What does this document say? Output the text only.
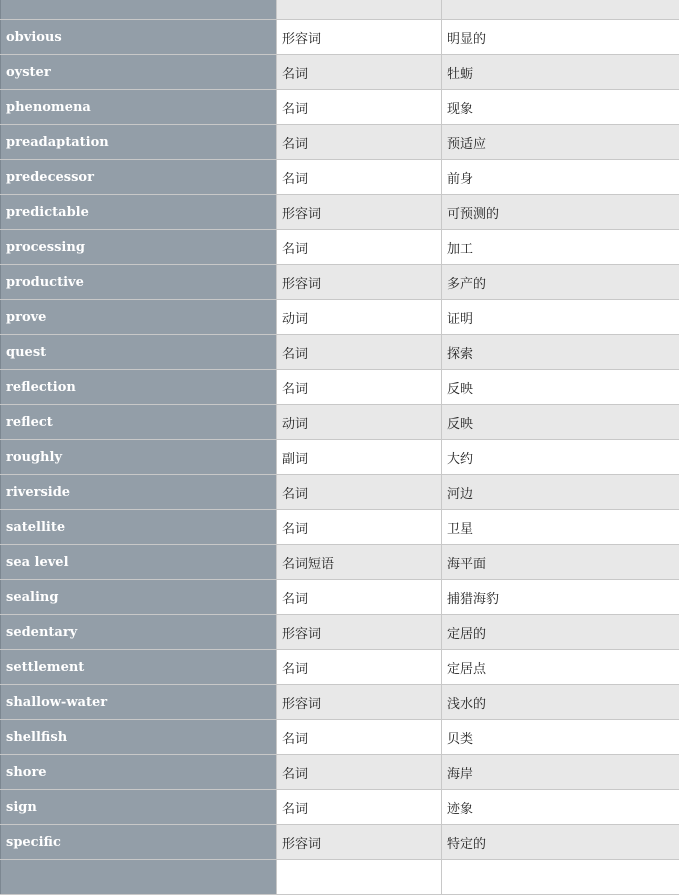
obvious	形容词	明显的
oyster	名词	牡蛎
phenomena	名词	现象
preadaptation	名词	预适应
predecessor	名词	前身
predictable	形容词	可预测的
processing	名词	加工
productive	形容词	多产的
prove	动词	证明
quest	名词	探索
reflection	名词	反映
reflect	动词	反映
roughly	副词	大约
riverside	名词	河边
satellite	名词	卫星
sea level	名词短语	海平面
sealing	名词	捕猎海豹
sedentary	形容词	定居的
settlement	名词	定居点
shallow-water	形容词	浅水的
shellfish	名词	贝类
shore	名词	海岸
sign	名词	迹象
specific	形容词	特定的
